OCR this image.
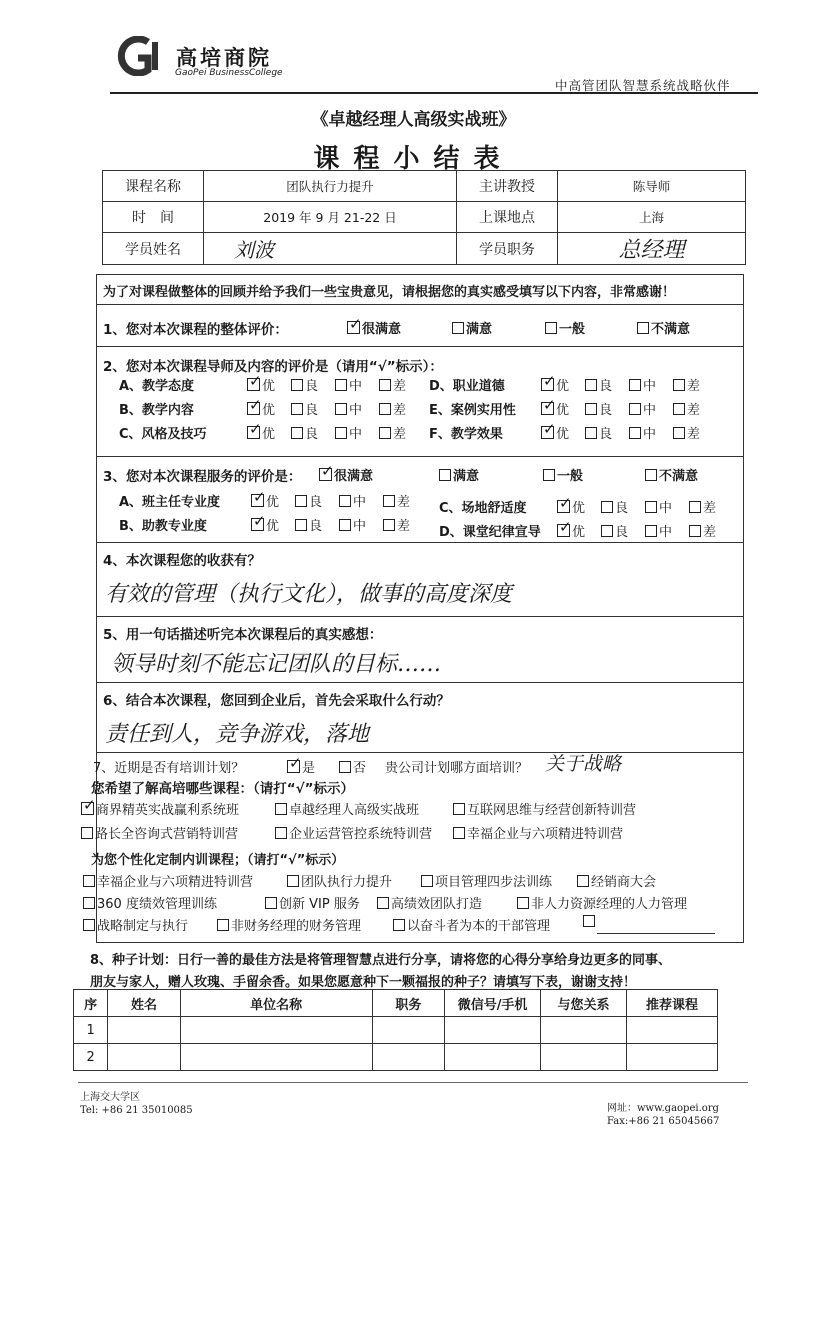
高培商院
GaoPei BusinessCollege
中高管团队智慧系统战略伙伴
《卓越经理人高级实战班》
课程小结表
课程名称	团队执行力提升	主讲教授	陈导师
时　间	2019 年 9 月 21-22 日	上课地点	上海
学员姓名	刘波	学员职务	总经理
为了对课程做整体的回顾并给予我们一些宝贵意见，请根据您的真实感受填写以下内容，非常感谢！
1、您对本次课程的整体评价： ✓	很满意	满意	一般	不满意
2、您对本次课程导师及内容的评价是（请用“√”标示）：
A、教学态度 ✓	优	良	中	差
B、教学内容 ✓	优	良	中	差
C、风格及技巧 ✓	优	良	中	差
D、职业道德 ✓	优	良	中	差
E、案例实用性 ✓	优	良	中	差
F、教学效果 ✓	优	良	中	差
3、您对本次课程服务的评价是： ✓	很满意	满意	一般	不满意
A、班主任专业度 ✓	优	良	中	差
B、助教专业度 ✓	优	良	中	差
C、场地舒适度 ✓	优	良	中	差
D、课堂纪律宣导 ✓	优	良	中	差
4、本次课程您的收获有？
有效的管理（执行文化），做事的高度深度
5、用一句话描述听完本次课程后的真实感想：
领导时刻不能忘记团队的目标……
6、结合本次课程，您回到企业后，首先会采取什么行动？
责任到人，竞争游戏，落地
7、近期是否有培训计划？ ✓	是	否 贵公司计划哪方面培训？ 关于战略
您希望了解高培哪些课程：（请打“√”标示）
✓商界精英实战赢利系统班	卓越经理人高级实战班	互联网思维与经营创新特训营
路长全咨询式营销特训营	企业运营管控系统特训营	幸福企业与六项精进特训营
为您个性化定制内训课程；（请打“√”标示）
幸福企业与六项精进特训营	团队执行力提升	项目管理四步法训练	经销商大会
360 度绩效管理训练	创新 VIP 服务	高绩效团队打造	非人力资源经理的人力管理
战略制定与执行	非财务经理的财务管理	以奋斗者为本的干部管理
8、种子计划：日行一善的最佳方法是将管理智慧点进行分享，请将您的心得分享给身边更多的同事、
朋友与家人，赠人玫瑰、手留余香。如果您愿意种下一颗福报的种子？请填写下表，谢谢支持！
序	姓名	单位名称	职务	微信号/手机	与您关系	推荐课程
1						
2						
上海交大学区
Tel: +86 21 35010085	网址：www.gaopei.org
Fax:+86 21 65045667
